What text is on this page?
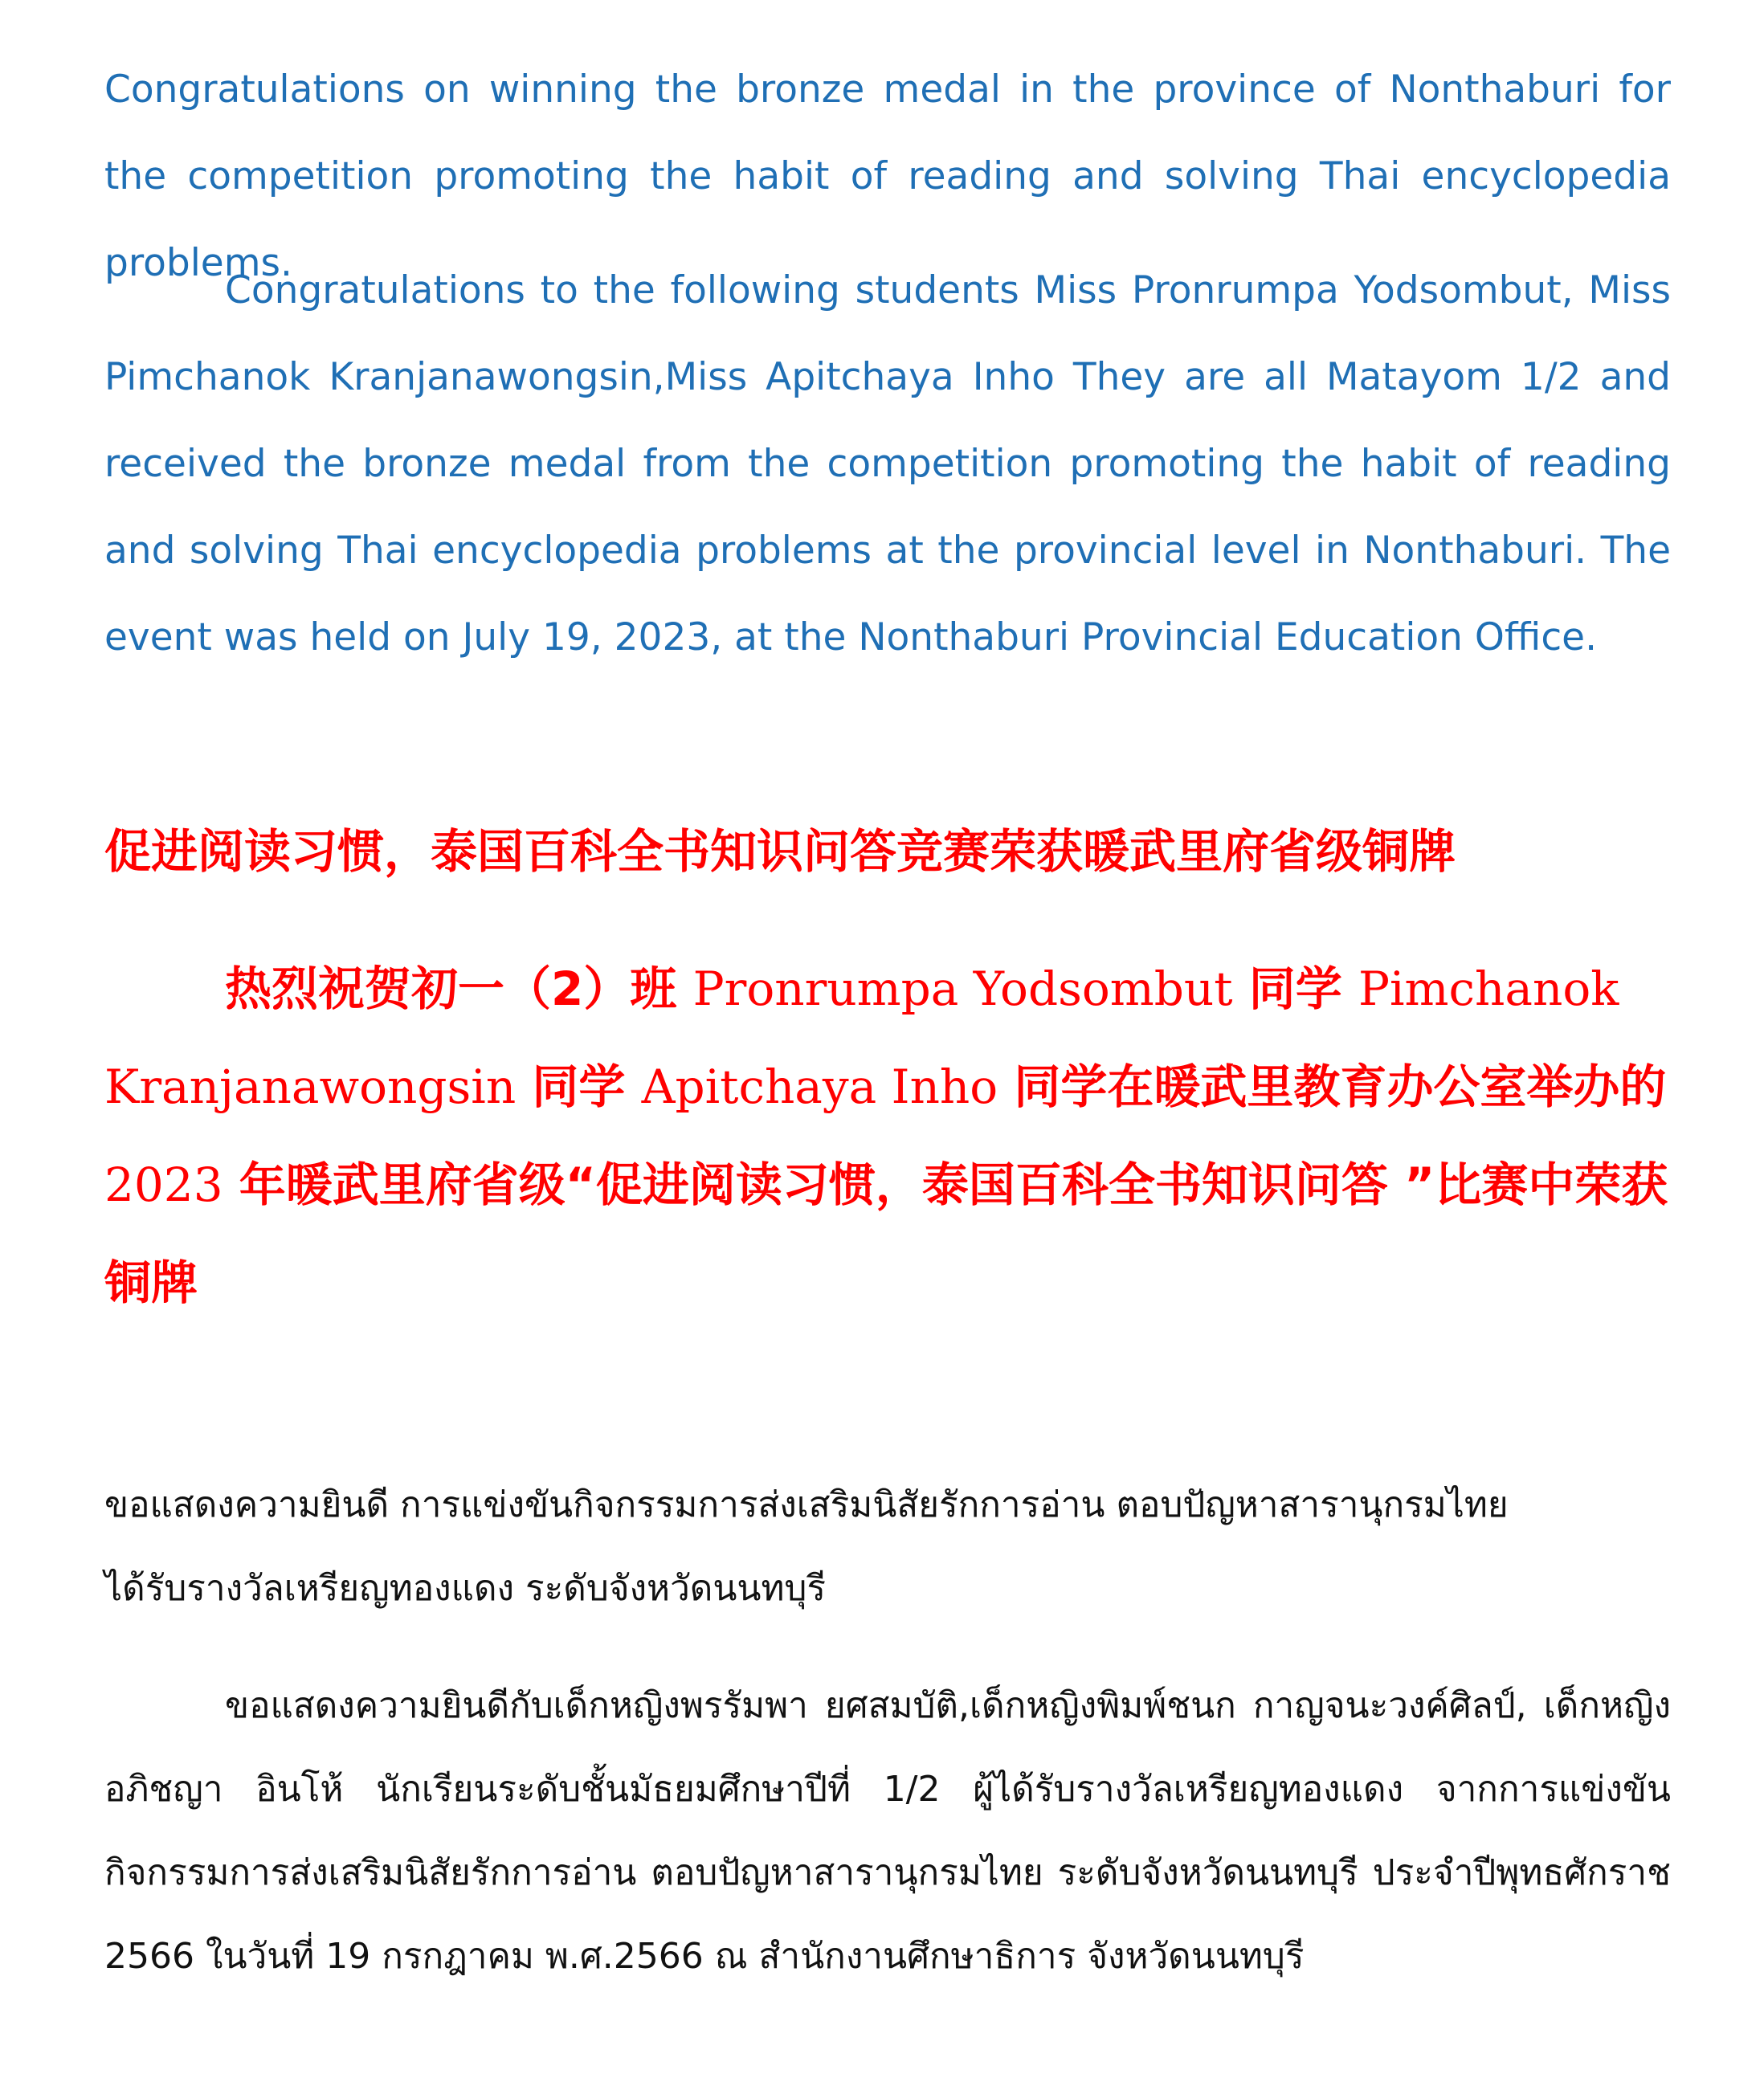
Congratulations on winning the bronze medal in the province of Nonthaburi for the competition promoting the habit of reading and solving Thai encyclopedia problems.

Congratulations to the following students Miss Pronrumpa Yodsombut, Miss Pimchanok Kranjanawongsin,Miss Apitchaya Inho They are all Matayom 1/2 and received the bronze medal from the competition promoting the habit of reading and solving Thai encyclopedia problems at the provincial level in Nonthaburi. The event was held on July 19, 2023, at the Nonthaburi Provincial Education Office.

促进阅读习惯，泰国百科全书知识问答竞赛荣获暖武里府省级铜牌

热烈祝贺初一（2）班 Pronrumpa Yodsombut 同学 Pimchanok Kranjanawongsin 同学 Apitchaya Inho 同学在暖武里教育办公室举办的 2023 年暖武里府省级“促进阅读习惯，泰国百科全书知识问答 ”比赛中荣获铜牌

ขอแสดงความยินดี การแข่งขันกิจกรรมการส่งเสริมนิสัยรักการอ่าน ตอบปัญหาสารานุกรมไทย
ได้รับรางวัลเหรียญทองแดง ระดับจังหวัดนนทบุรี

ขอแสดงความยินดีกับเด็กหญิงพรรัมพา ยศสมบัติ,เด็กหญิงพิมพ์ชนก กาญจนะวงค์ศิลป์, เด็กหญิงอภิชญา อินโห้ นักเรียนระดับชั้นมัธยมศึกษาปีที่ 1/2 ผู้ได้รับรางวัลเหรียญทองแดง จากการแข่งขันกิจกรรมการส่งเสริมนิสัยรักการอ่าน ตอบปัญหาสารานุกรมไทย ระดับจังหวัดนนทบุรี ประจำปีพุทธศักราช 2566 ในวันที่ 19 กรกฎาคม พ.ศ.2566 ณ สำนักงานศึกษาธิการ จังหวัดนนทบุรี
